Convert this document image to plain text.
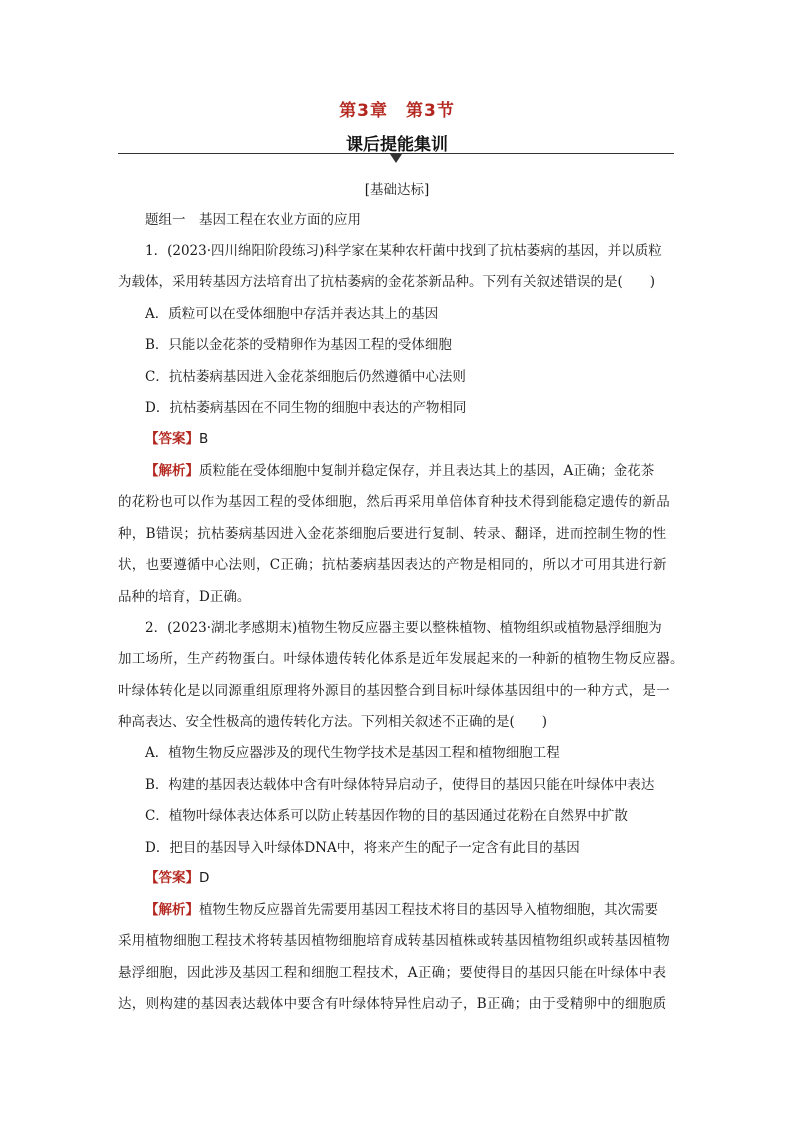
第3章　第3节
课后提能集训
[基础达标]
题组一　基因工程在农业方面的应用
1．(2023·四川绵阳阶段练习)科学家在某种农杆菌中找到了抗枯萎病的基因，并以质粒
为载体，采用转基因方法培育出了抗枯萎病的金花茶新品种。下列有关叙述错误的是(　　)
A．质粒可以在受体细胞中存活并表达其上的基因
B．只能以金花茶的受精卵作为基因工程的受体细胞
C．抗枯萎病基因进入金花茶细胞后仍然遵循中心法则
D．抗枯萎病基因在不同生物的细胞中表达的产物相同
【答案】B
【解析】质粒能在受体细胞中复制并稳定保存，并且表达其上的基因，A正确；金花茶
的花粉也可以作为基因工程的受体细胞，然后再采用单倍体育种技术得到能稳定遗传的新品
种，B错误；抗枯萎病基因进入金花茶细胞后要进行复制、转录、翻译，进而控制生物的性
状，也要遵循中心法则，C正确；抗枯萎病基因表达的产物是相同的，所以才可用其进行新
品种的培育，D正确。
2．(2023·湖北孝感期末)植物生物反应器主要以整株植物、植物组织或植物悬浮细胞为
加工场所，生产药物蛋白。叶绿体遗传转化体系是近年发展起来的一种新的植物生物反应器。
叶绿体转化是以同源重组原理将外源目的基因整合到目标叶绿体基因组中的一种方式，是一
种高表达、安全性极高的遗传转化方法。下列相关叙述不正确的是(　　)
A．植物生物反应器涉及的现代生物学技术是基因工程和植物细胞工程
B．构建的基因表达载体中含有叶绿体特异启动子，使得目的基因只能在叶绿体中表达
C．植物叶绿体表达体系可以防止转基因作物的目的基因通过花粉在自然界中扩散
D．把目的基因导入叶绿体DNA中，将来产生的配子一定含有此目的基因
【答案】D
【解析】植物生物反应器首先需要用基因工程技术将目的基因导入植物细胞，其次需要
采用植物细胞工程技术将转基因植物细胞培育成转基因植株或转基因植物组织或转基因植物
悬浮细胞，因此涉及基因工程和细胞工程技术，A正确；要使得目的基因只能在叶绿体中表
达，则构建的基因表达载体中要含有叶绿体特异性启动子，B正确；由于受精卵中的细胞质
